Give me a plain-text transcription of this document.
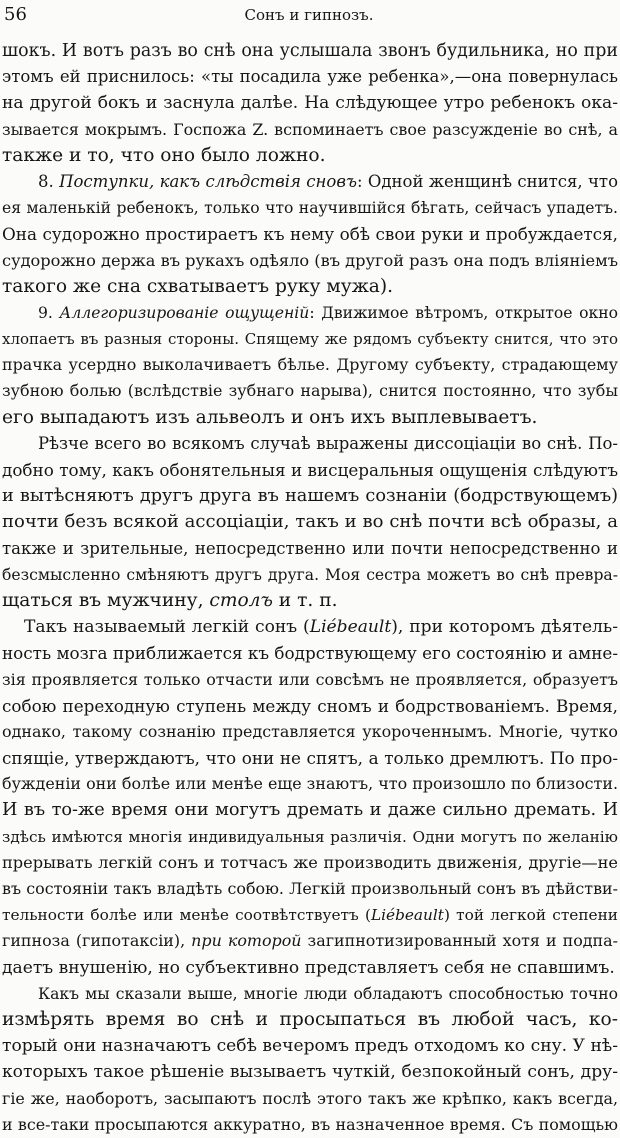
56	Сонъ и гипнозъ.
шокъ. И вотъ разъ во снѣ она услышала звонъ будильника, но при
этомъ ей приснилось: «ты посадила уже ребенка»,—она повернулась
на другой бокъ и заснула далѣе. На слѣдующее утро ребенокъ ока-
зывается мокрымъ. Госпожа Z. вспоминаетъ свое разсужденіе во снѣ, а
также и то, что оно было ложно.
8. Поступки, какъ слѣдствія сновъ: Одной женщинѣ снится, что
ея маленькій ребенокъ, только что научившійся бѣгать, сейчасъ упадетъ.
Она судорожно простираетъ къ нему обѣ свои руки и пробуждается,
судорожно держа въ рукахъ одѣяло (въ другой разъ она подъ вліяніемъ
такого же сна схватываетъ руку мужа).
9. Аллегоризированіе ощущеній: Движимое вѣтромъ, открытое окно
хлопаетъ въ разныя стороны. Спящему же рядомъ субъекту снится, что это
прачка усердно выколачиваетъ бѣлье. Другому субъекту, страдающему
зубною болью (вслѣдствіе зубнаго нарыва), снится постоянно, что зубы
его выпадаютъ изъ альвеолъ и онъ ихъ выплевываетъ.
Рѣзче всего во всякомъ случаѣ выражены диссоціаціи во снѣ. По-
добно тому, какъ обонятельныя и висцеральныя ощущенія слѣдуютъ
и вытѣсняютъ другъ друга въ нашемъ сознаніи (бодрствующемъ)
почти безъ всякой ассоціаціи, такъ и во снѣ почти всѣ образы, а
также и зрительные, непосредственно или почти непосредственно и
безсмысленно смѣняютъ другъ друга. Моя сестра можетъ во снѣ превра-
щаться въ мужчину, столъ и т. п.
Такъ называемый легкій сонъ (Liébeault), при которомъ дѣятель-
ность мозга приближается къ бодрствующему его состоянію и амне-
зія проявляется только отчасти или совсѣмъ не проявляется, образуетъ
собою переходную ступень между сномъ и бодрствованіемъ. Время,
однако, такому сознанію представляется укороченнымъ. Многіе, чутко
спящіе, утверждаютъ, что они не спятъ, а только дремлютъ. По про-
бужденіи они болѣе или менѣе еще знаютъ, что произошло по близости.
И въ то-же время они могутъ дремать и даже сильно дремать. И
здѣсь имѣются многія индивидуальныя различія. Одни могутъ по желанію
прерывать легкій сонъ и тотчасъ же производить движенія, другіе—не
въ состояніи такъ владѣть собою. Легкій произвольный сонъ въ дѣйстви-
тельности болѣе или менѣе соотвѣтствуетъ (Liébeault) той легкой степени
гипноза (гипотаксіи), при которой загипнотизированный хотя и подпа-
даетъ внушенію, но субъективно представляетъ себя не спавшимъ.
Какъ мы сказали выше, многіе люди обладаютъ способностью точно
измѣрять время во снѣ и просыпаться въ любой часъ, ко-
торый они назначаютъ себѣ вечеромъ предъ отходомъ ко сну. У нѣ-
которыхъ такое рѣшеніе вызываетъ чуткій, безпокойный сонъ, дру-
гіе же, наоборотъ, засыпаютъ послѣ этого такъ же крѣпко, какъ всегда,
и все-таки просыпаются аккуратно, въ назначенное время. Съ помощью
